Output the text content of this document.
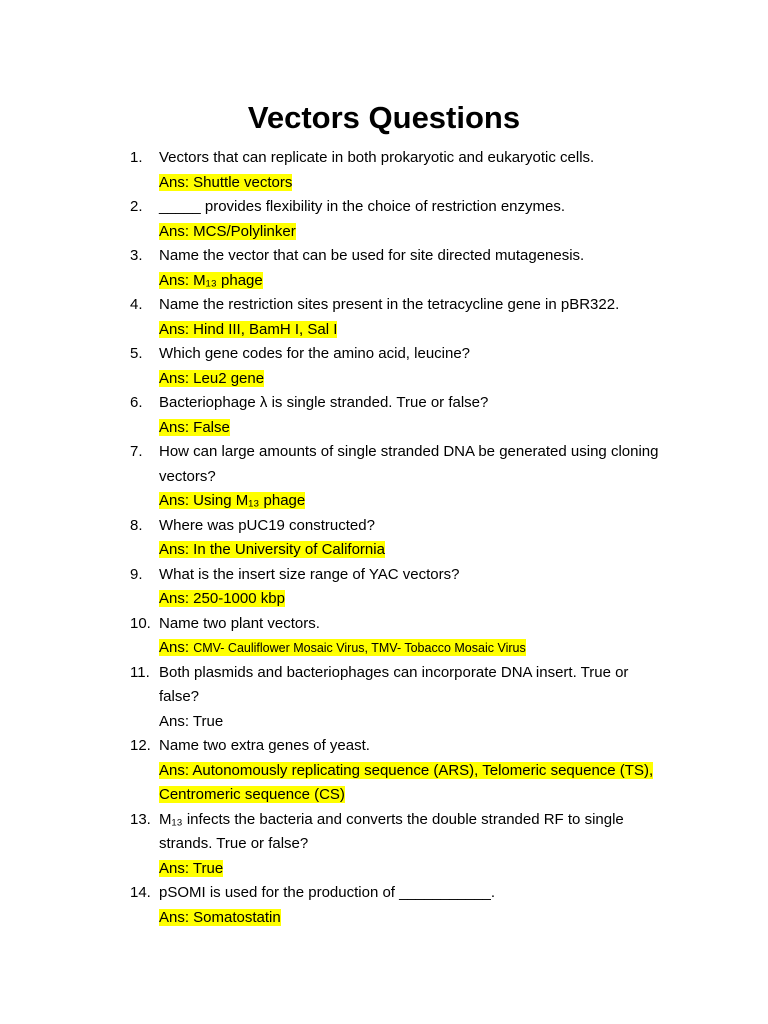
Vectors Questions
1. Vectors that can replicate in both prokaryotic and eukaryotic cells.
Ans: Shuttle vectors
2. _____ provides flexibility in the choice of restriction enzymes.
Ans: MCS/Polylinker
3. Name the vector that can be used for site directed mutagenesis.
Ans: M₁₃ phage
4. Name the restriction sites present in the tetracycline gene in pBR322.
Ans: Hind III, BamH I, Sal I
5. Which gene codes for the amino acid, leucine?
Ans: Leu2 gene
6. Bacteriophage λ is single stranded. True or false?
Ans: False
7. How can large amounts of single stranded DNA be generated using cloning vectors?
Ans: Using M₁₃ phage
8. Where was pUC19 constructed?
Ans: In the University of California
9. What is the insert size range of YAC vectors?
Ans: 250-1000 kbp
10. Name two plant vectors.
Ans: CMV- Cauliflower Mosaic Virus, TMV- Tobacco Mosaic Virus
11. Both plasmids and bacteriophages can incorporate DNA insert. True or false?
Ans: True
12. Name two extra genes of yeast.
Ans: Autonomously replicating sequence (ARS), Telomeric sequence (TS), Centromeric sequence (CS)
13. M₁₃ infects the bacteria and converts the double stranded RF to single strands. True or false?
Ans: True
14. pSOMI is used for the production of ___________.
Ans: Somatostatin
